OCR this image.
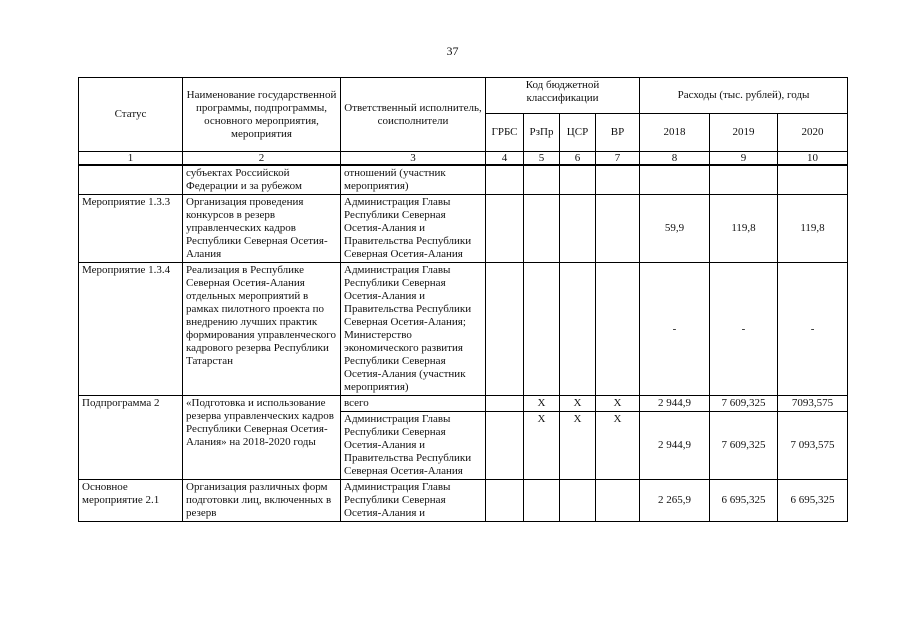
37
Статус	Наименование государственной программы, подпрограммы, основного мероприятия, мероприятия	Ответственный исполнитель, соисполнители	Код бюджетной классификации				Расходы (тыс. рублей), годы		
			ГРБС	РзПр	ЦСР	ВР	2018	2019	2020
1	2	3	4	5	6	7	8	9	10
	субъектах Российской Федерации и за рубежом	отношений (участник мероприятия)							
Мероприятие 1.3.3	Организация проведения конкурсов в резерв управленческих кадров Республики Северная Осетия-Алания	Администрация Главы Республики Северная Осетия-Алания и Правительства Республики Северная Осетия-Алания					59,9	119,8	119,8
Мероприятие 1.3.4	Реализация в Республике Северная Осетия-Алания отдельных мероприятий в рамках пилотного проекта по внедрению лучших практик формирования управленческого кадрового резерва Республики Татарстан	Администрация Главы Республики Северная Осетия-Алания и Правительства Республики Северная Осетия-Алания; Министерство экономического развития Республики Северная Осетия-Алания (участник мероприятия)					-	-	-
Подпрограмма 2	«Подготовка и использование резерва управленческих кадров Республики Северная Осетия-Алания» на 2018-2020 годы	всего		X	X	X	2 944,9	7 609,325	7093,575
		Администрация Главы Республики Северная Осетия-Алания и Правительства Республики Северная Осетия-Алания		X	X	X	2 944,9	7 609,325	7 093,575
Основное мероприятие 2.1	Организация различных форм подготовки лиц, включенных в резерв	Администрация Главы Республики Северная Осетия-Алания и					2 265,9	6 695,325	6 695,325
